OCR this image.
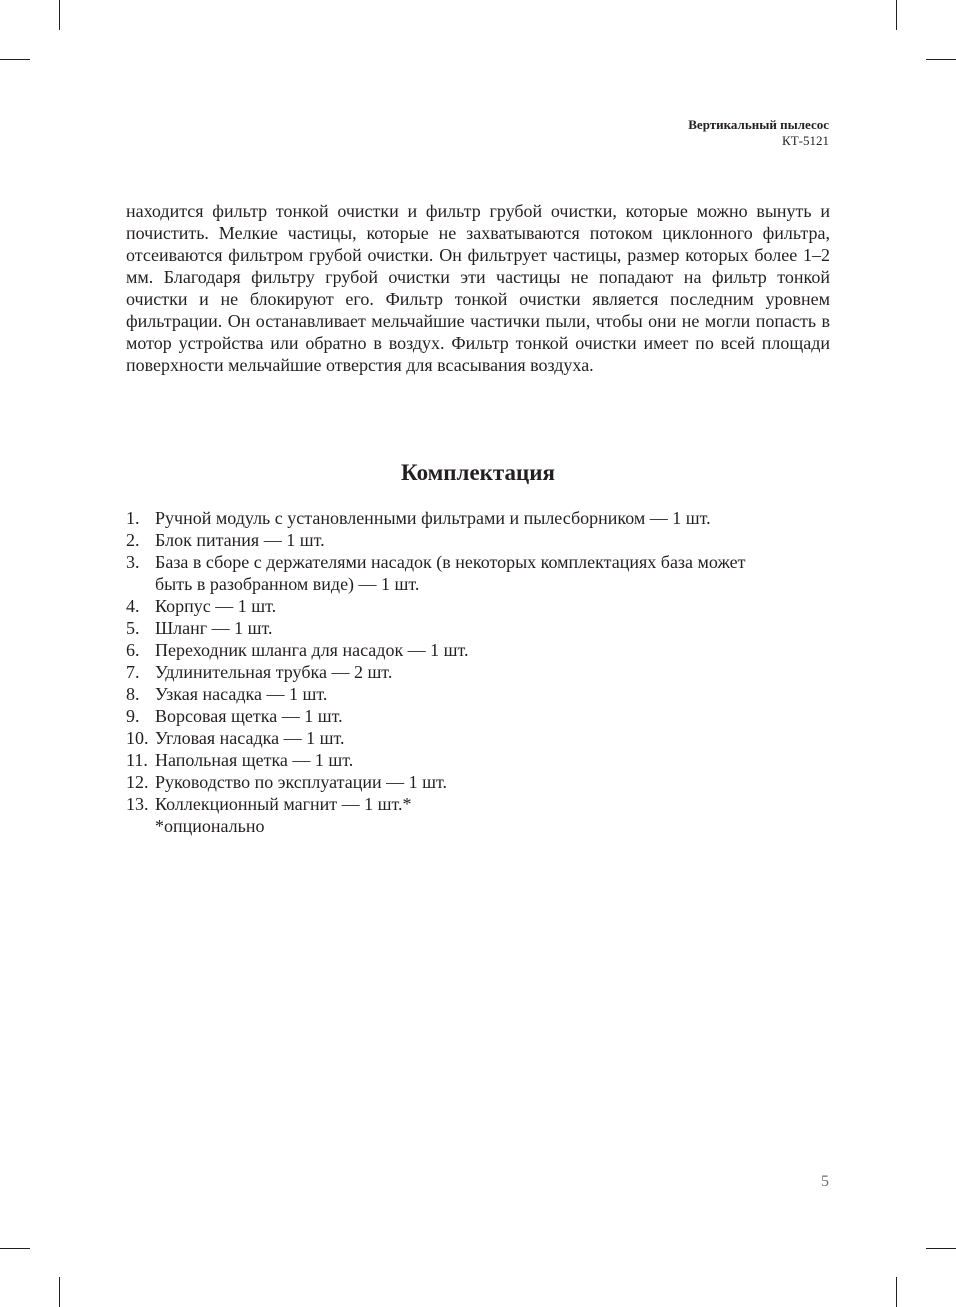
Вертикальный пылесос
КТ-5121

находится фильтр тонкой очистки и фильтр грубой очистки, которые можно вынуть и почистить. Мелкие частицы, которые не захватываются потоком циклонного фильтра, отсеиваются фильтром грубой очистки. Он фильтрует частицы, размер которых более 1–2 мм. Благодаря фильтру грубой очистки эти частицы не попадают на фильтр тонкой очистки и не блокируют его. Фильтр тонкой очистки является последним уровнем фильтрации. Он останавливает мельчайшие частички пыли, чтобы они не могли попасть в мотор устройства или обратно в воздух. Фильтр тонкой очистки имеет по всей площади поверхности мельчайшие отверстия для всасывания воздуха.

Комплектация
1. Ручной модуль с установленными фильтрами и пылесборником — 1 шт.
2. Блок питания — 1 шт.
3. База в сборе с держателями насадок (в некоторых комплектациях база может быть в разобранном виде) — 1 шт.
4. Корпус — 1 шт.
5. Шланг — 1 шт.
6. Переходник шланга для насадок — 1 шт.
7. Удлинительная трубка — 2 шт.
8. Узкая насадка — 1 шт.
9. Ворсовая щетка — 1 шт.
10. Угловая насадка — 1 шт.
11. Напольная щетка — 1 шт.
12. Руководство по эксплуатации — 1 шт.
13. Коллекционный магнит — 1 шт.*

*опционально

5
